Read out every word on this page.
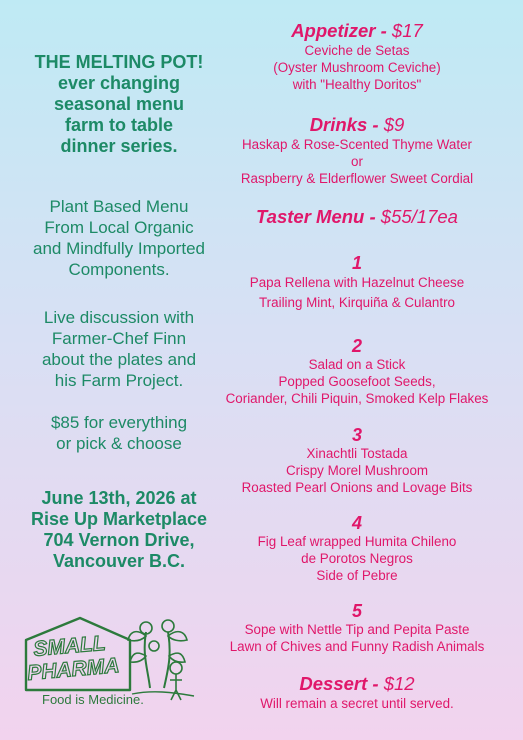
THE MELTING POT!
ever changing
seasonal menu
farm to table
dinner series.
Plant Based Menu
From Local Organic
and Mindfully Imported
Components.
Live discussion with
Farmer-Chef Finn
about the plates and
his Farm Project.
$85 for everything
or pick & choose
June 13th, 2026 at
Rise Up Marketplace
704 Vernon Drive,
Vancouver B.C.
SMALL
PHARMA
Food is Medicine.
Appetizer - $17
Ceviche de Setas
(Oyster Mushroom Ceviche)
with "Healthy Doritos"
Drinks - $9
Haskap & Rose-Scented Thyme Water
or
Raspberry & Elderflower Sweet Cordial
Taster Menu - $55/17ea
1
Papa Rellena with Hazelnut Cheese
Trailing Mint, Kirquiña & Culantro
2
Salad on a Stick
Popped Goosefoot Seeds,
Coriander, Chili Piquin, Smoked Kelp Flakes
3
Xinachtli Tostada
Crispy Morel Mushroom
Roasted Pearl Onions and Lovage Bits
4
Fig Leaf wrapped Humita Chileno
de Porotos Negros
Side of Pebre
5
Sope with Nettle Tip and Pepita Paste
Lawn of Chives and Funny Radish Animals
Dessert - $12
Will remain a secret until served.
